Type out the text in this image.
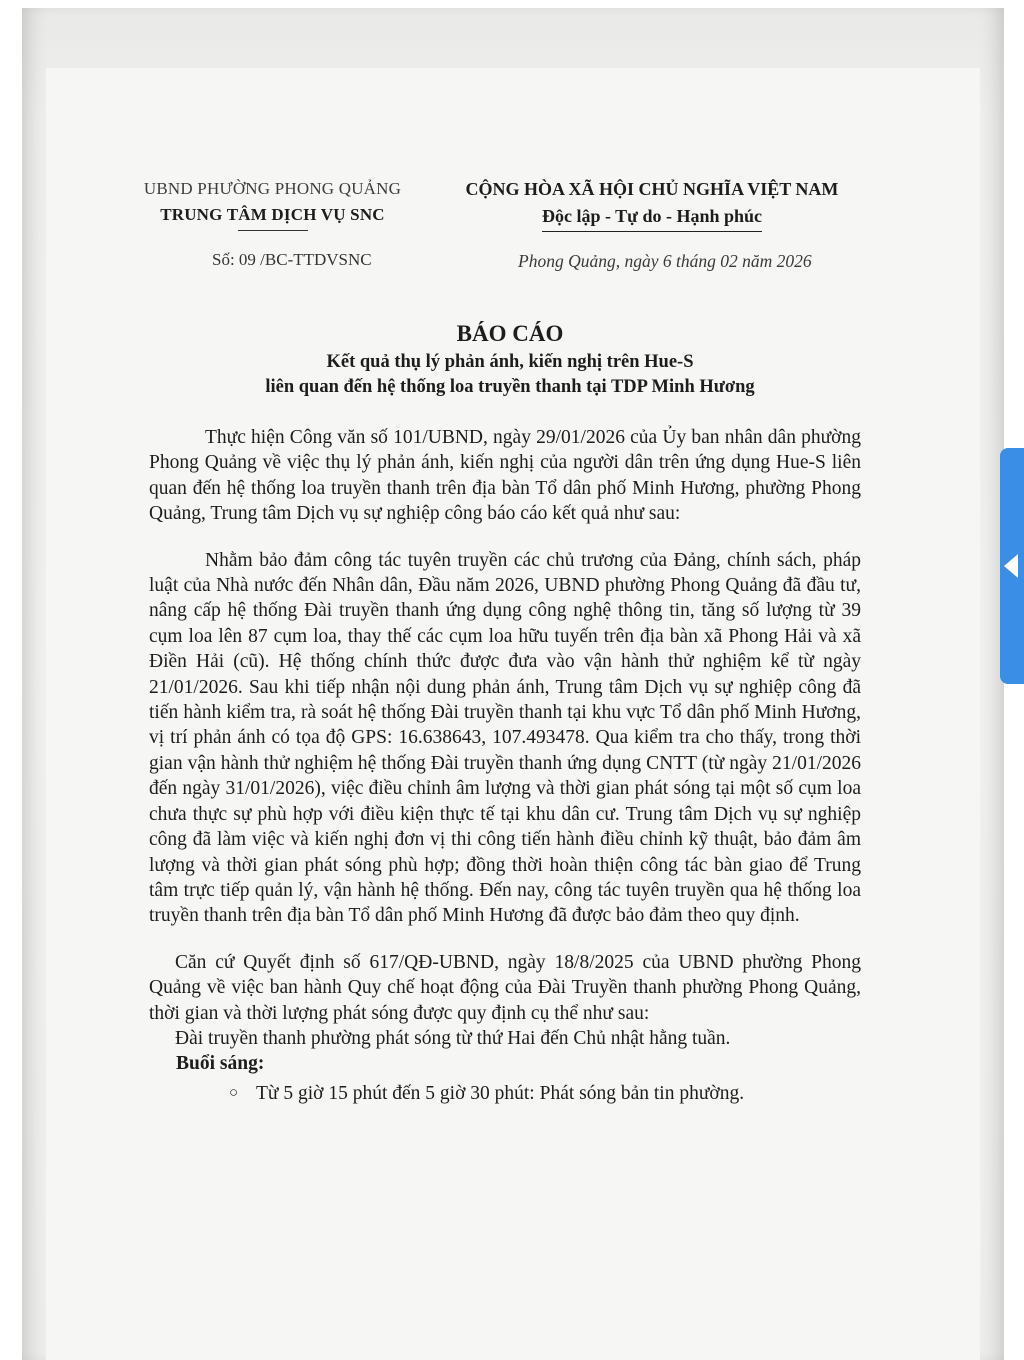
UBND PHƯỜNG PHONG QUẢNG
TRUNG TÂM DỊCH VỤ SNC
Số: 09 /BC-TTDVSNC
CỘNG HÒA XÃ HỘI CHỦ NGHĨA VIỆT NAM
Độc lập - Tự do - Hạnh phúc
Phong Quảng, ngày 6 tháng 02 năm 2026
BÁO CÁO
Kết quả thụ lý phản ánh, kiến nghị trên Hue-S
liên quan đến hệ thống loa truyền thanh tại TDP Minh Hương

Thực hiện Công văn số 101/UBND, ngày 29/01/2026 của Ủy ban nhân dân phường Phong Quảng về việc thụ lý phản ánh, kiến nghị của người dân trên ứng dụng Hue-S liên quan đến hệ thống loa truyền thanh trên địa bàn Tổ dân phố Minh Hương, phường Phong Quảng, Trung tâm Dịch vụ sự nghiệp công báo cáo kết quả như sau:

Nhằm bảo đảm công tác tuyên truyền các chủ trương của Đảng, chính sách, pháp luật của Nhà nước đến Nhân dân, Đầu năm 2026, UBND phường Phong Quảng đã đầu tư, nâng cấp hệ thống Đài truyền thanh ứng dụng công nghệ thông tin, tăng số lượng từ 39 cụm loa lên 87 cụm loa, thay thế các cụm loa hữu tuyến trên địa bàn xã Phong Hải và xã Điền Hải (cũ). Hệ thống chính thức được đưa vào vận hành thử nghiệm kể từ ngày 21/01/2026. Sau khi tiếp nhận nội dung phản ánh, Trung tâm Dịch vụ sự nghiệp công đã tiến hành kiểm tra, rà soát hệ thống Đài truyền thanh tại khu vực Tổ dân phố Minh Hương, vị trí phản ánh có tọa độ GPS: 16.638643, 107.493478. Qua kiểm tra cho thấy, trong thời gian vận hành thử nghiệm hệ thống Đài truyền thanh ứng dụng CNTT (từ ngày 21/01/2026 đến ngày 31/01/2026), việc điều chỉnh âm lượng và thời gian phát sóng tại một số cụm loa chưa thực sự phù hợp với điều kiện thực tế tại khu dân cư. Trung tâm Dịch vụ sự nghiệp công đã làm việc và kiến nghị đơn vị thi công tiến hành điều chỉnh kỹ thuật, bảo đảm âm lượng và thời gian phát sóng phù hợp; đồng thời hoàn thiện công tác bàn giao để Trung tâm trực tiếp quản lý, vận hành hệ thống. Đến nay, công tác tuyên truyền qua hệ thống loa truyền thanh trên địa bàn Tổ dân phố Minh Hương đã được bảo đảm theo quy định.

Căn cứ Quyết định số 617/QĐ-UBND, ngày 18/8/2025 của UBND phường Phong Quảng về việc ban hành Quy chế hoạt động của Đài Truyền thanh phường Phong Quảng, thời gian và thời lượng phát sóng được quy định cụ thể như sau:

Đài truyền thanh phường phát sóng từ thứ Hai đến Chủ nhật hằng tuần.
Buổi sáng:
○ Từ 5 giờ 15 phút đến 5 giờ 30 phút: Phát sóng bản tin phường.
